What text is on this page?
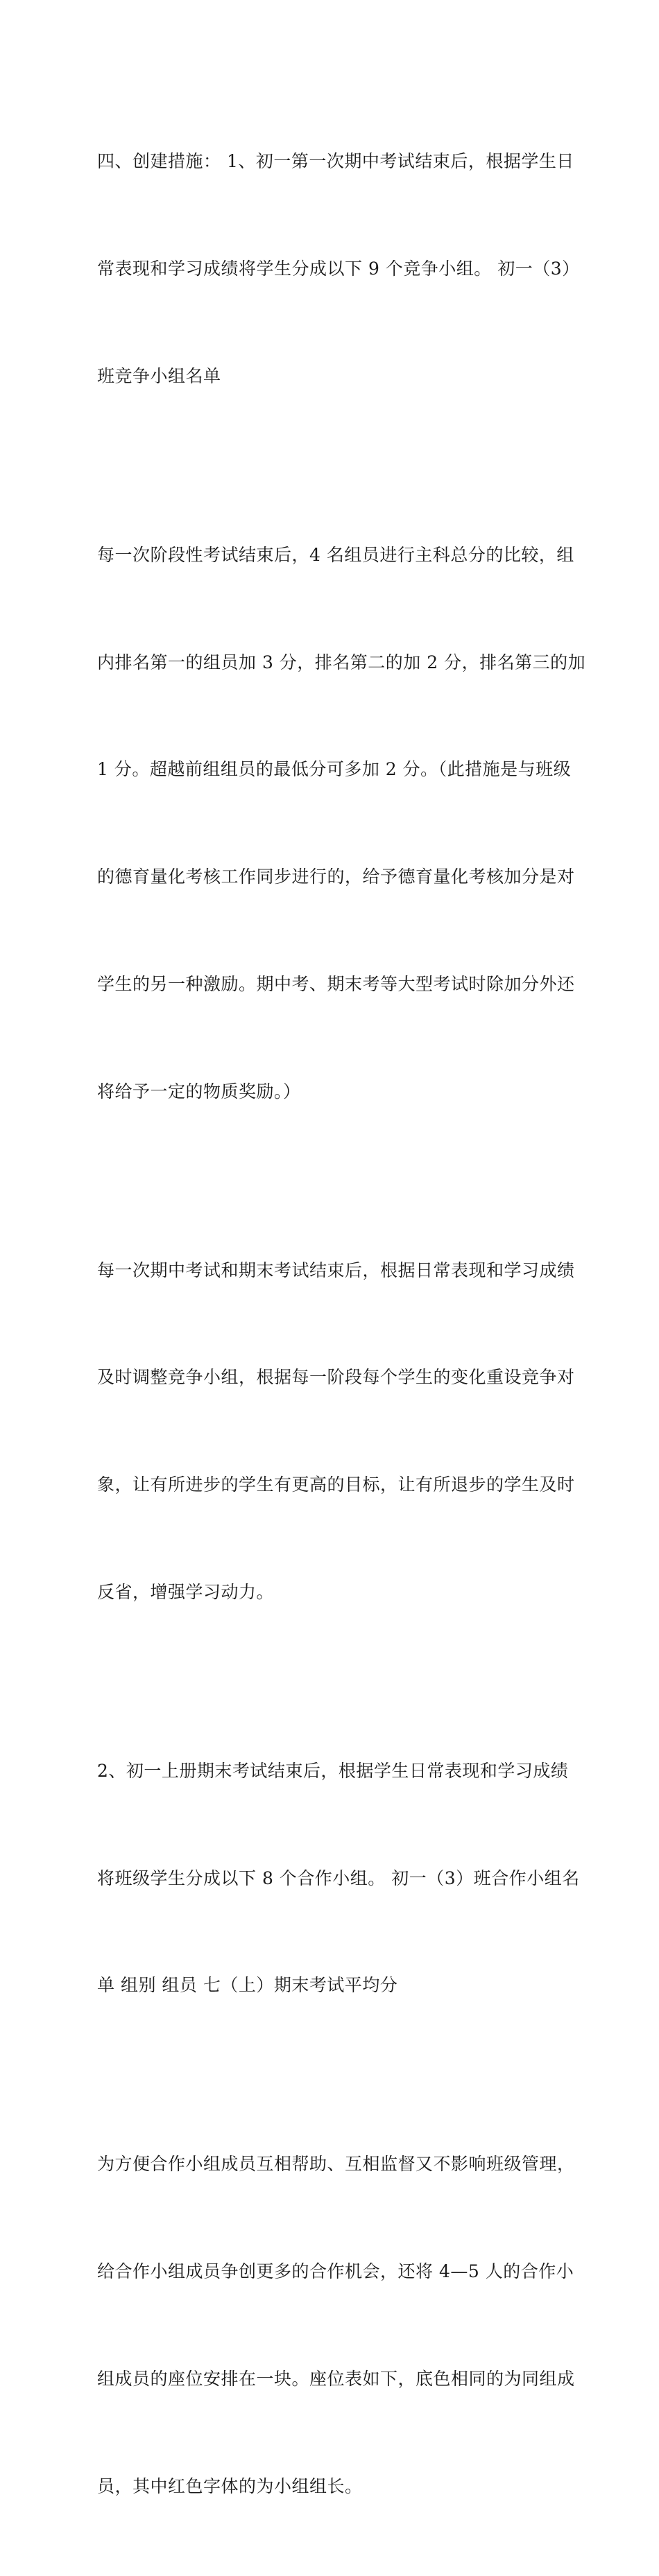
四、创建措施： 1、初一第一次期中考试结束后，根据学生日

常表现和学习成绩将学生分成以下 9 个竞争小组。 初一（3）

班竞争小组名单

每一次阶段性考试结束后，4 名组员进行主科总分的比较，组

内排名第一的组员加 3 分，排名第二的加 2 分，排名第三的加

1 分。超越前组组员的最低分可多加 2 分。（此措施是与班级

的德育量化考核工作同步进行的，给予德育量化考核加分是对

学生的另一种激励。期中考、期末考等大型考试时除加分外还

将给予一定的物质奖励。）

每一次期中考试和期末考试结束后，根据日常表现和学习成绩

及时调整竞争小组，根据每一阶段每个学生的变化重设竞争对

象，让有所进步的学生有更高的目标，让有所退步的学生及时

反省，增强学习动力。

2、初一上册期末考试结束后，根据学生日常表现和学习成绩

将班级学生分成以下 8 个合作小组。 初一（3）班合作小组名

单 组别 组员 七（上）期末考试平均分

为方便合作小组成员互相帮助、互相监督又不影响班级管理，

给合作小组成员争创更多的合作机会，还将 4—5 人的合作小

组成员的座位安排在一块。座位表如下，底色相同的为同组成

员，其中红色字体的为小组组长。
